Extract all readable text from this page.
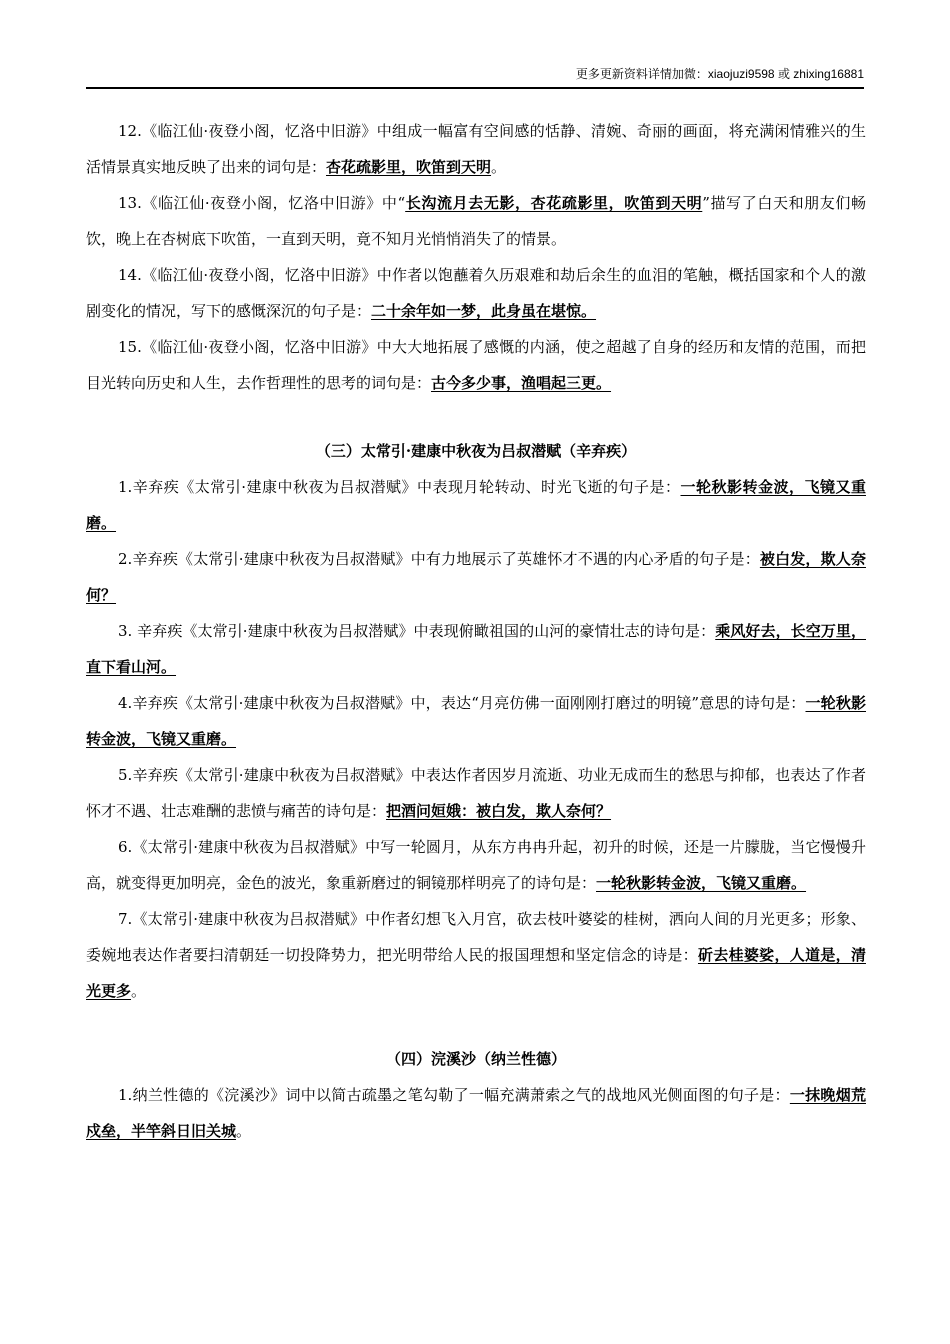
更多更新资料详情加微：xiaojuzi9598 或 zhixing16881

12.《临江仙·夜登小阁，忆洛中旧游》中组成一幅富有空间感的恬静、清婉、奇丽的画面，将充满闲情雅兴的生活情景真实地反映了出来的词句是：杏花疏影里，吹笛到天明。

13.《临江仙·夜登小阁，忆洛中旧游》中“长沟流月去无影，杏花疏影里，吹笛到天明”描写了白天和朋友们畅饮，晚上在杏树底下吹笛，一直到天明，竟不知月光悄悄消失了的情景。

14.《临江仙·夜登小阁，忆洛中旧游》中作者以饱蘸着久历艰难和劫后余生的血泪的笔触，概括国家和个人的激剧变化的情况，写下的感慨深沉的句子是：二十余年如一梦，此身虽在堪惊。

15.《临江仙·夜登小阁，忆洛中旧游》中大大地拓展了感慨的内涵，使之超越了自身的经历和友情的范围，而把目光转向历史和人生，去作哲理性的思考的词句是：古今多少事，渔唱起三更。

（三）太常引·建康中秋夜为吕叔潜赋（辛弃疾）

1.辛弃疾《太常引·建康中秋夜为吕叔潜赋》中表现月轮转动、时光飞逝的句子是：一轮秋影转金波，飞镜又重磨。

2.辛弃疾《太常引·建康中秋夜为吕叔潜赋》中有力地展示了英雄怀才不遇的内心矛盾的句子是：被白发，欺人奈何？

3. 辛弃疾《太常引·建康中秋夜为吕叔潜赋》中表现俯瞰祖国的山河的豪情壮志的诗句是：乘风好去，长空万里，直下看山河。

4.辛弃疾《太常引·建康中秋夜为吕叔潜赋》中，表达“月亮仿佛一面刚刚打磨过的明镜”意思的诗句是：一轮秋影转金波，飞镜又重磨。

5.辛弃疾《太常引·建康中秋夜为吕叔潜赋》中表达作者因岁月流逝、功业无成而生的愁思与抑郁，也表达了作者怀才不遇、壮志难酬的悲愤与痛苦的诗句是：把酒问姮娥：被白发，欺人奈何？

6.《太常引·建康中秋夜为吕叔潜赋》中写一轮圆月，从东方冉冉升起，初升的时候，还是一片朦胧，当它慢慢升高，就变得更加明亮，金色的波光，象重新磨过的铜镜那样明亮了的诗句是：一轮秋影转金波，飞镜又重磨。

7.《太常引·建康中秋夜为吕叔潜赋》中作者幻想飞入月宫，砍去枝叶婆娑的桂树，洒向人间的月光更多；形象、委婉地表达作者要扫清朝廷一切投降势力，把光明带给人民的报国理想和坚定信念的诗是：斫去桂婆娑，人道是，清光更多。

（四）浣溪沙（纳兰性德）

1.纳兰性德的《浣溪沙》词中以简古疏墨之笔勾勒了一幅充满萧索之气的战地风光侧面图的句子是：一抹晚烟荒戍垒，半竿斜日旧关城。
